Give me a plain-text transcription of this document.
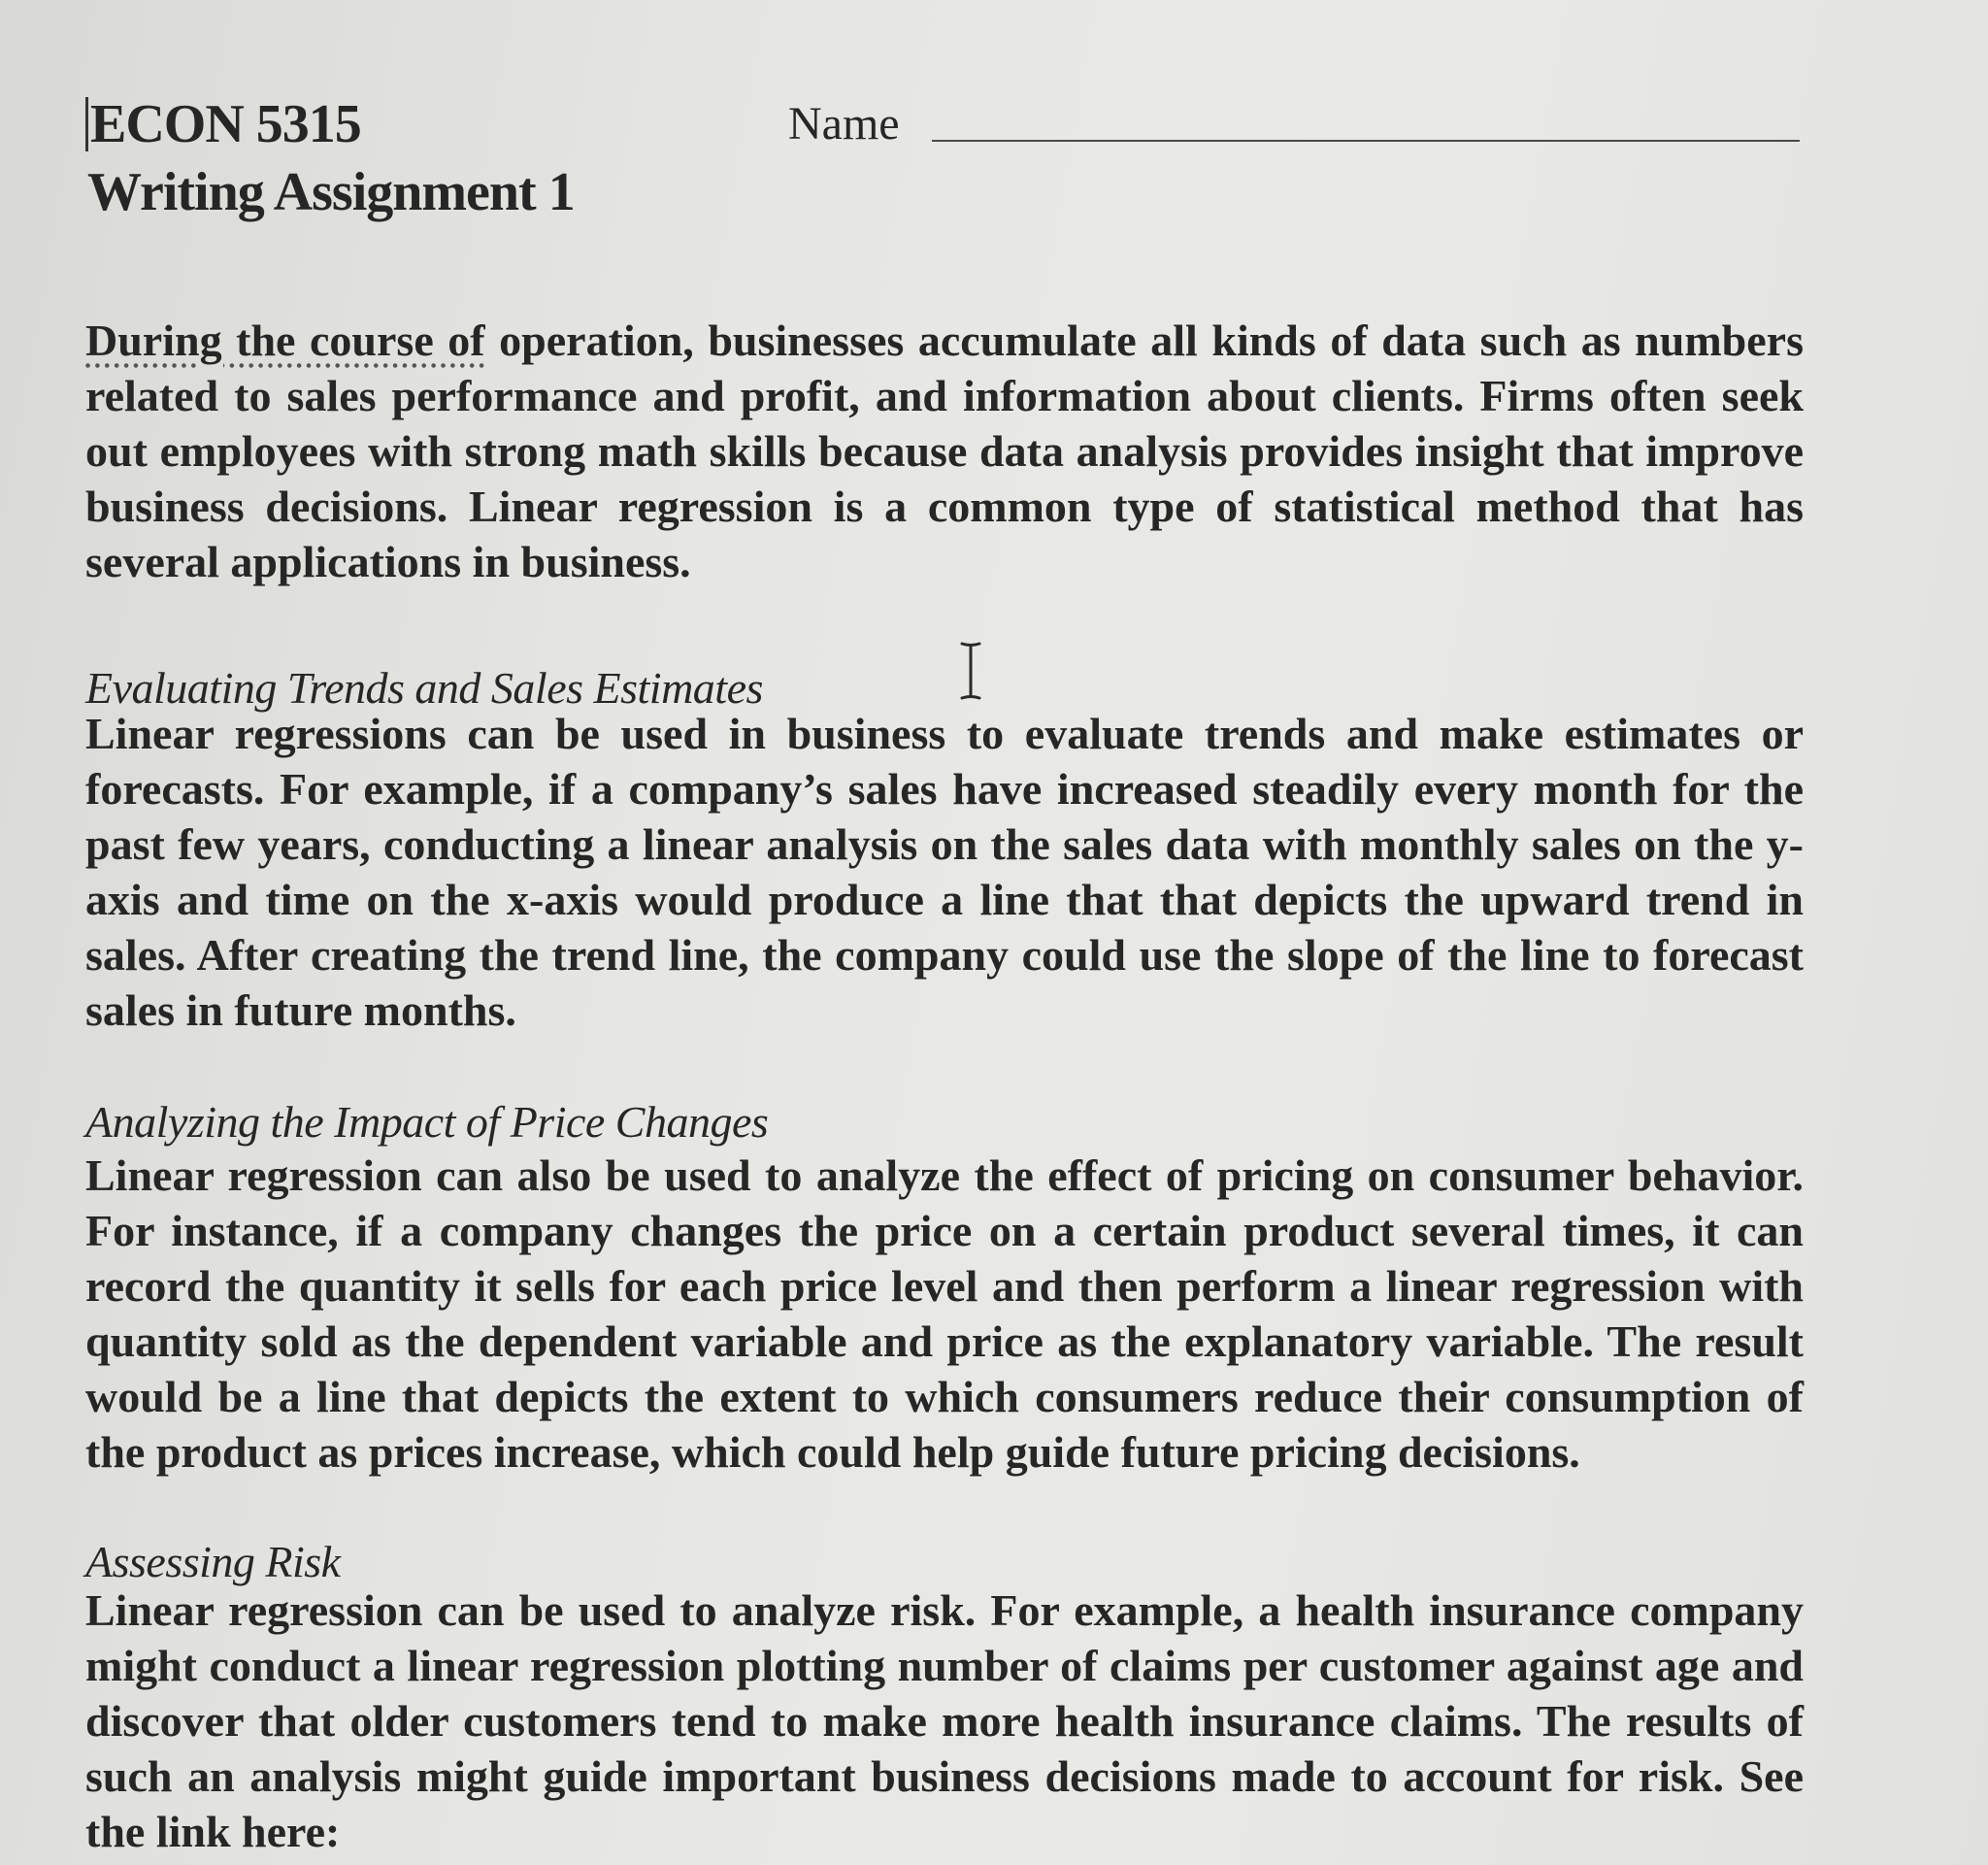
ECON 5315
Writing Assignment 1
Name
During the course of operation, businesses accumulate all kinds of data such as numbers related to sales performance and profit, and information about clients. Firms often seek out employees with strong math skills because data analysis provides insight that improve business decisions. Linear regression is a common type of statistical method that has several applications in business.
Evaluating Trends and Sales Estimates
Linear regressions can be used in business to evaluate trends and make estimates or forecasts. For example, if a company’s sales have increased steadily every month for the past few years, conducting a linear analysis on the sales data with monthly sales on the y-axis and time on the x-axis would produce a line that that depicts the upward trend in sales. After creating the trend line, the company could use the slope of the line to forecast sales in future months.
Analyzing the Impact of Price Changes
Linear regression can also be used to analyze the effect of pricing on consumer behavior. For instance, if a company changes the price on a certain product several times, it can record the quantity it sells for each price level and then perform a linear regression with quantity sold as the dependent variable and price as the explanatory variable. The result would be a line that depicts the extent to which consumers reduce their consumption of the product as prices increase, which could help guide future pricing decisions.
Assessing Risk
Linear regression can be used to analyze risk. For example, a health insurance company might conduct a linear regression plotting number of claims per customer against age and discover that older customers tend to make more health insurance claims. The results of such an analysis might guide important business decisions made to account for risk. See the link here:
